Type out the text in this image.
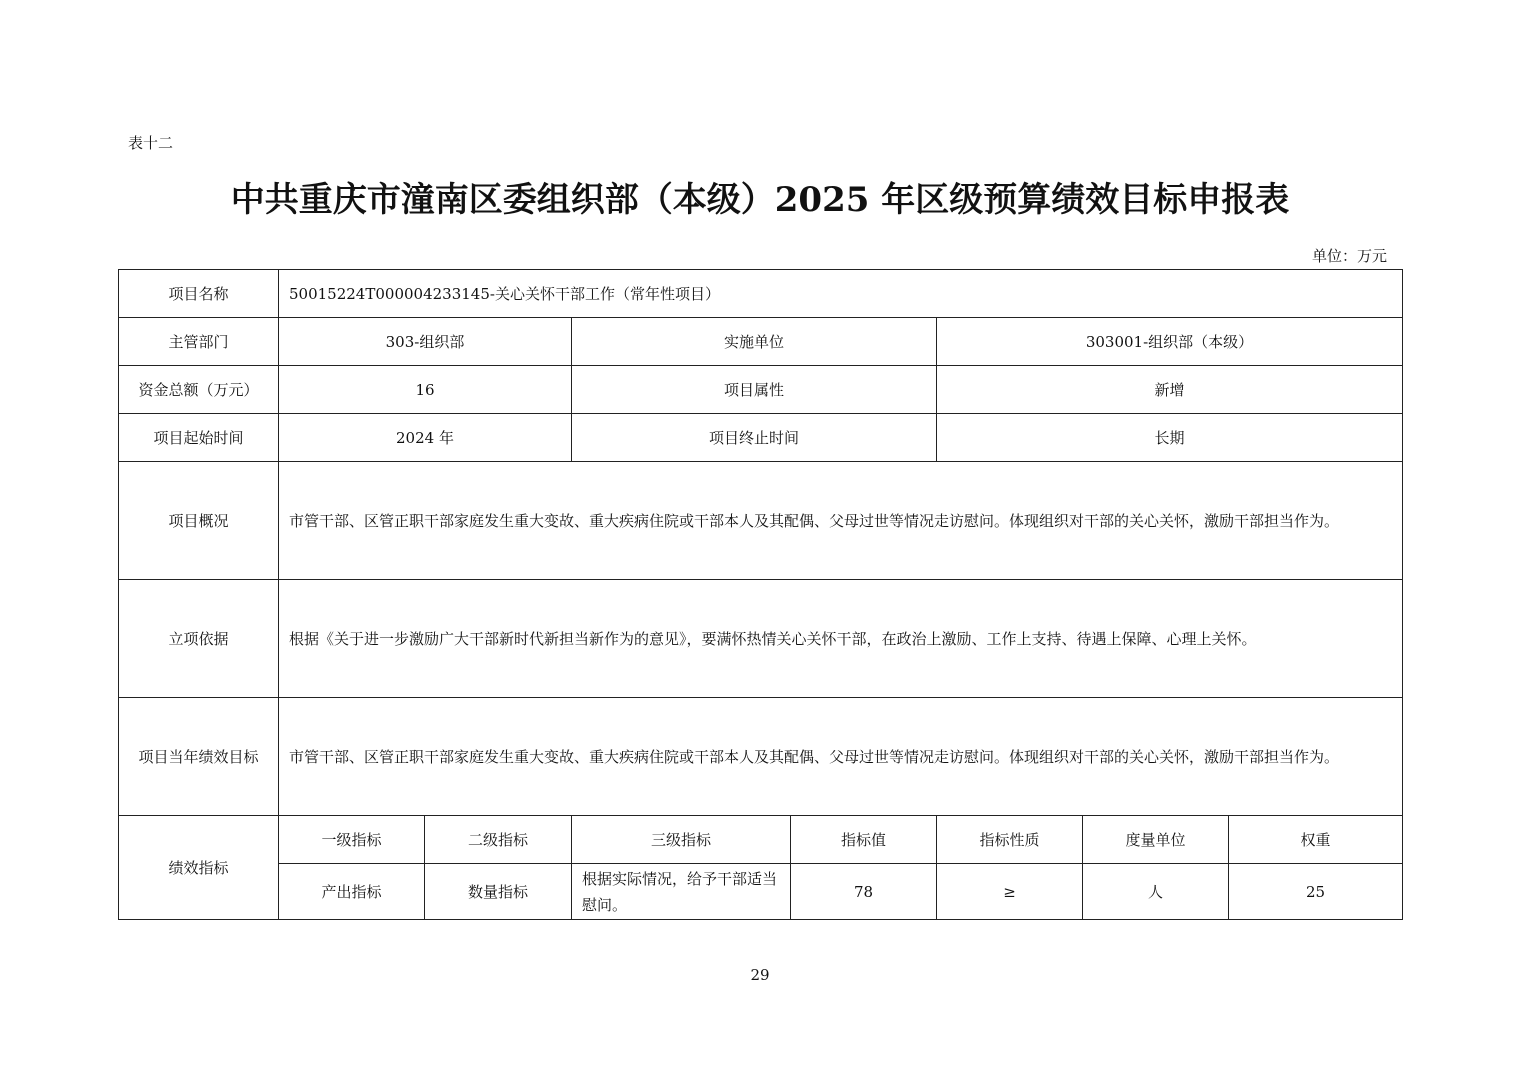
表十二
中共重庆市潼南区委组织部（本级）2025 年区级预算绩效目标申报表
单位：万元
项目名称	50015224T000004233145-关心关怀干部工作（常年性项目）						
主管部门	303-组织部		实施单位		303001-组织部（本级）		
资金总额（万元）	16		项目属性		新增		
项目起始时间	2024 年		项目终止时间		长期		
项目概况	市管干部、区管正职干部家庭发生重大变故、重大疾病住院或干部本人及其配偶、父母过世等情况走访慰问。体现组织对干部的关心关怀，激励干部担当作为。						
立项依据	根据《关于进一步激励广大干部新时代新担当新作为的意见》，要满怀热情关心关怀干部，在政治上激励、工作上支持、待遇上保障、心理上关怀。						
项目当年绩效目标	市管干部、区管正职干部家庭发生重大变故、重大疾病住院或干部本人及其配偶、父母过世等情况走访慰问。体现组织对干部的关心关怀，激励干部担当作为。						
绩效指标	一级指标	二级指标	三级指标	指标值	指标性质	度量单位	权重
	产出指标	数量指标	根据实际情况，给予干部适当慰问。	78	≥	人	25
29
